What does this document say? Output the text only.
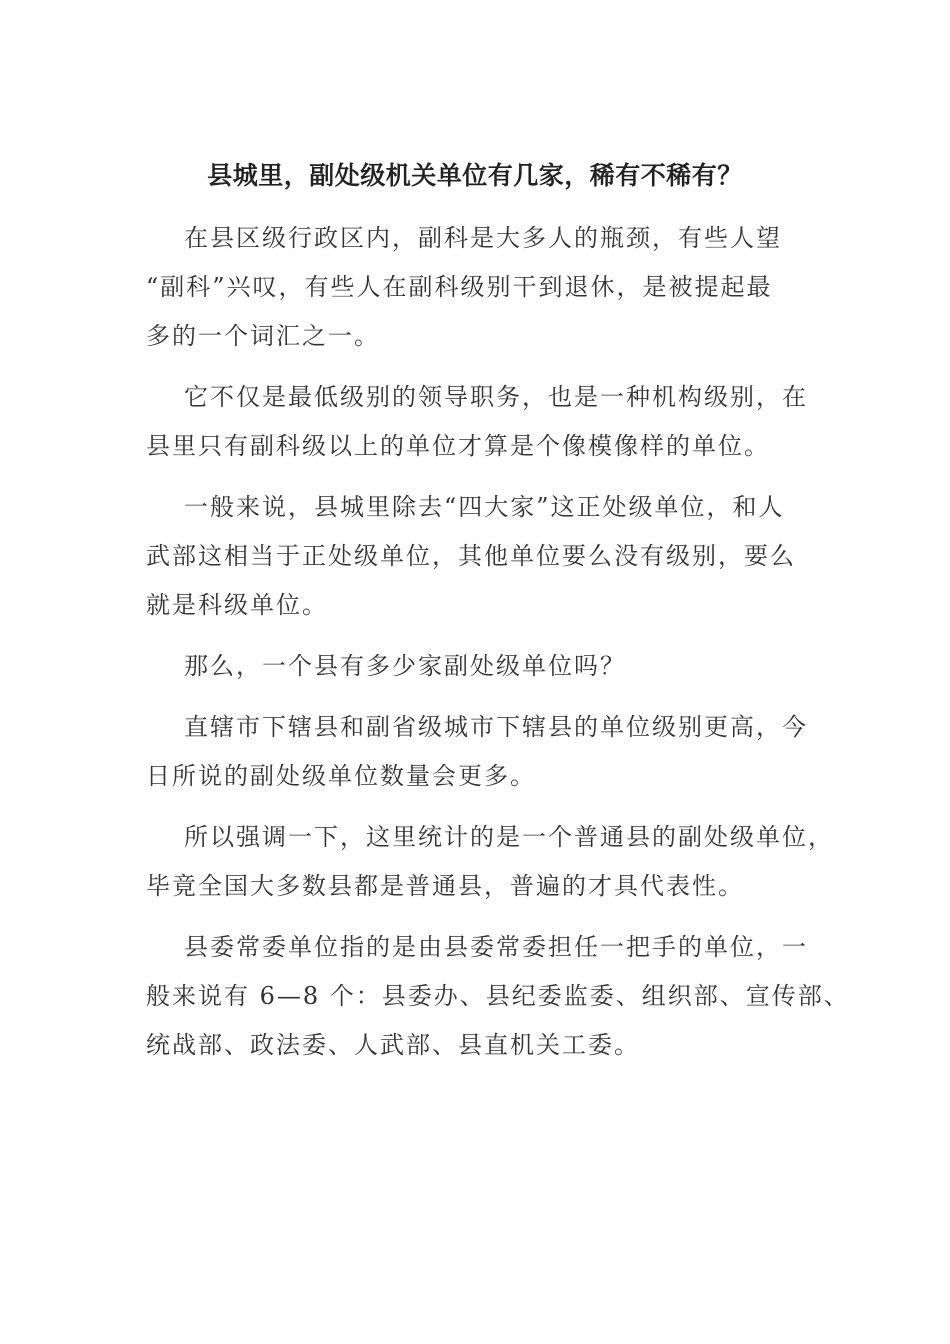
县城里，副处级机关单位有几家，稀有不稀有？
在县区级行政区内，副科是大多人的瓶颈，有些人望
“副科”兴叹，有些人在副科级别干到退休，是被提起最
多的一个词汇之一。
它不仅是最低级别的领导职务，也是一种机构级别，在
县里只有副科级以上的单位才算是个像模像样的单位。
一般来说，县城里除去“四大家”这正处级单位，和人
武部这相当于正处级单位，其他单位要么没有级别，要么
就是科级单位。
那么，一个县有多少家副处级单位吗？
直辖市下辖县和副省级城市下辖县的单位级别更高，今
日所说的副处级单位数量会更多。
所以强调一下，这里统计的是一个普通县的副处级单位，
毕竟全国大多数县都是普通县，普遍的才具代表性。
县委常委单位指的是由县委常委担任一把手的单位，一
般来说有 6—8 个：县委办、县纪委监委、组织部、宣传部、
统战部、政法委、人武部、县直机关工委。
